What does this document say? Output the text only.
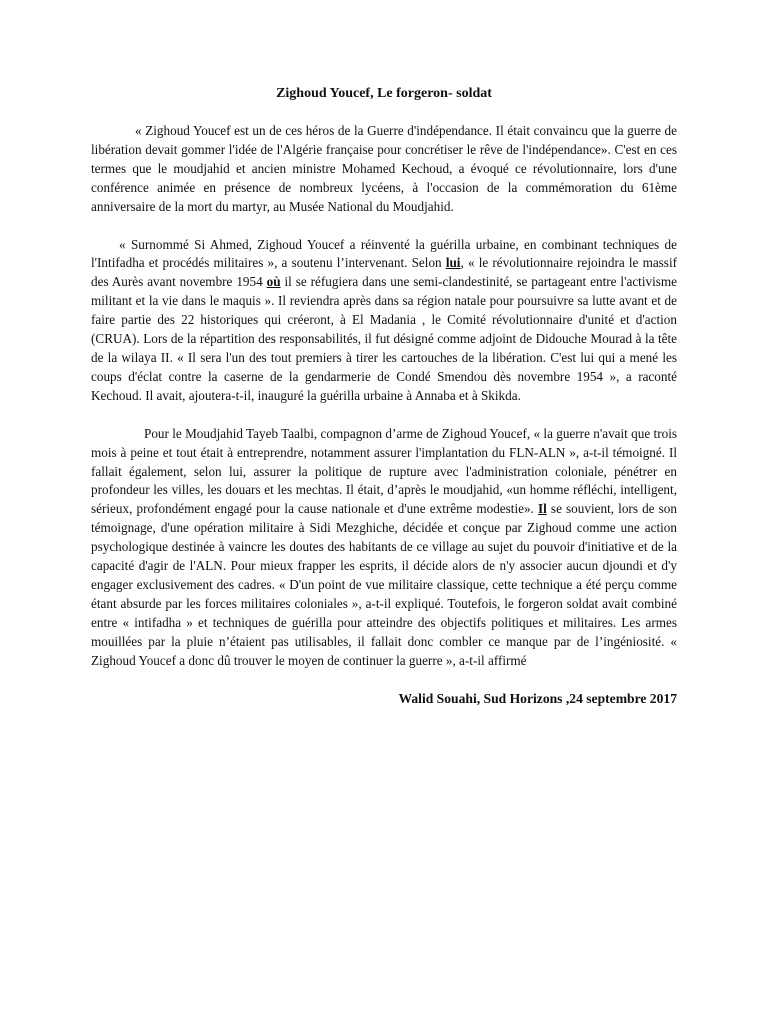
Zighoud Youcef, Le forgeron- soldat

« Zighoud Youcef est un de ces héros de la Guerre d'indépendance. Il était convaincu que la guerre de libération devait gommer l'idée de l'Algérie française pour concrétiser le rêve de l'indépendance». C'est en ces termes que le moudjahid et ancien ministre Mohamed Kechoud, a évoqué ce révolutionnaire, lors d'une conférence animée en présence de nombreux lycéens, à l'occasion de la commémoration du 61ème anniversaire de la mort du martyr, au Musée National du Moudjahid.

« Surnommé Si Ahmed, Zighoud Youcef a réinventé la guérilla urbaine, en combinant techniques de l'Intifadha et procédés militaires », a soutenu l’intervenant. Selon lui, « le révolutionnaire rejoindra le massif des Aurès avant novembre 1954 où il se réfugiera dans une semi-clandestinité, se partageant entre l'activisme militant et la vie dans le maquis ». Il reviendra après dans sa région natale pour poursuivre sa lutte avant et de faire partie des 22 historiques qui créeront, à El Madania , le Comité révolutionnaire d'unité et d'action (CRUA). Lors de la répartition des responsabilités, il fut désigné comme adjoint de Didouche Mourad à la tête de la wilaya II. « Il sera l'un des tout premiers à tirer les cartouches de la libération. C'est lui qui a mené les coups d'éclat contre la caserne de la gendarmerie de Condé Smendou dès novembre 1954 », a raconté Kechoud. Il avait, ajoutera-t-il, inauguré la guérilla urbaine à Annaba et à Skikda.

Pour le Moudjahid Tayeb Taalbi, compagnon d’arme de Zighoud Youcef, « la guerre n'avait que trois mois à peine et tout était à entreprendre, notamment assurer l'implantation du FLN-ALN », a-t-il témoigné. Il fallait également, selon lui, assurer la politique de rupture avec l'administration coloniale, pénétrer en profondeur les villes, les douars et les mechtas. Il était, d’après le moudjahid, «un homme réfléchi, intelligent, sérieux, profondément engagé pour la cause nationale et d'une extrême modestie». Il se souvient, lors de son témoignage, d'une opération militaire à Sidi Mezghiche, décidée et conçue par Zighoud comme une action psychologique destinée à vaincre les doutes des habitants de ce village au sujet du pouvoir d'initiative et de la capacité d'agir de l'ALN. Pour mieux frapper les esprits, il décide alors de n'y associer aucun djoundi et d'y engager exclusivement des cadres. « D'un point de vue militaire classique, cette technique a été perçu comme étant absurde par les forces militaires coloniales », a-t-il expliqué. Toutefois, le forgeron soldat avait combiné entre « intifadha » et techniques de guérilla pour atteindre des objectifs politiques et militaires. Les armes mouillées par la pluie n’étaient pas utilisables, il fallait donc combler ce manque par de l’ingéniosité. « Zighoud Youcef a donc dû trouver le moyen de continuer la guerre », a-t-il affirmé

Walid Souahi, Sud Horizons ,24 septembre 2017
